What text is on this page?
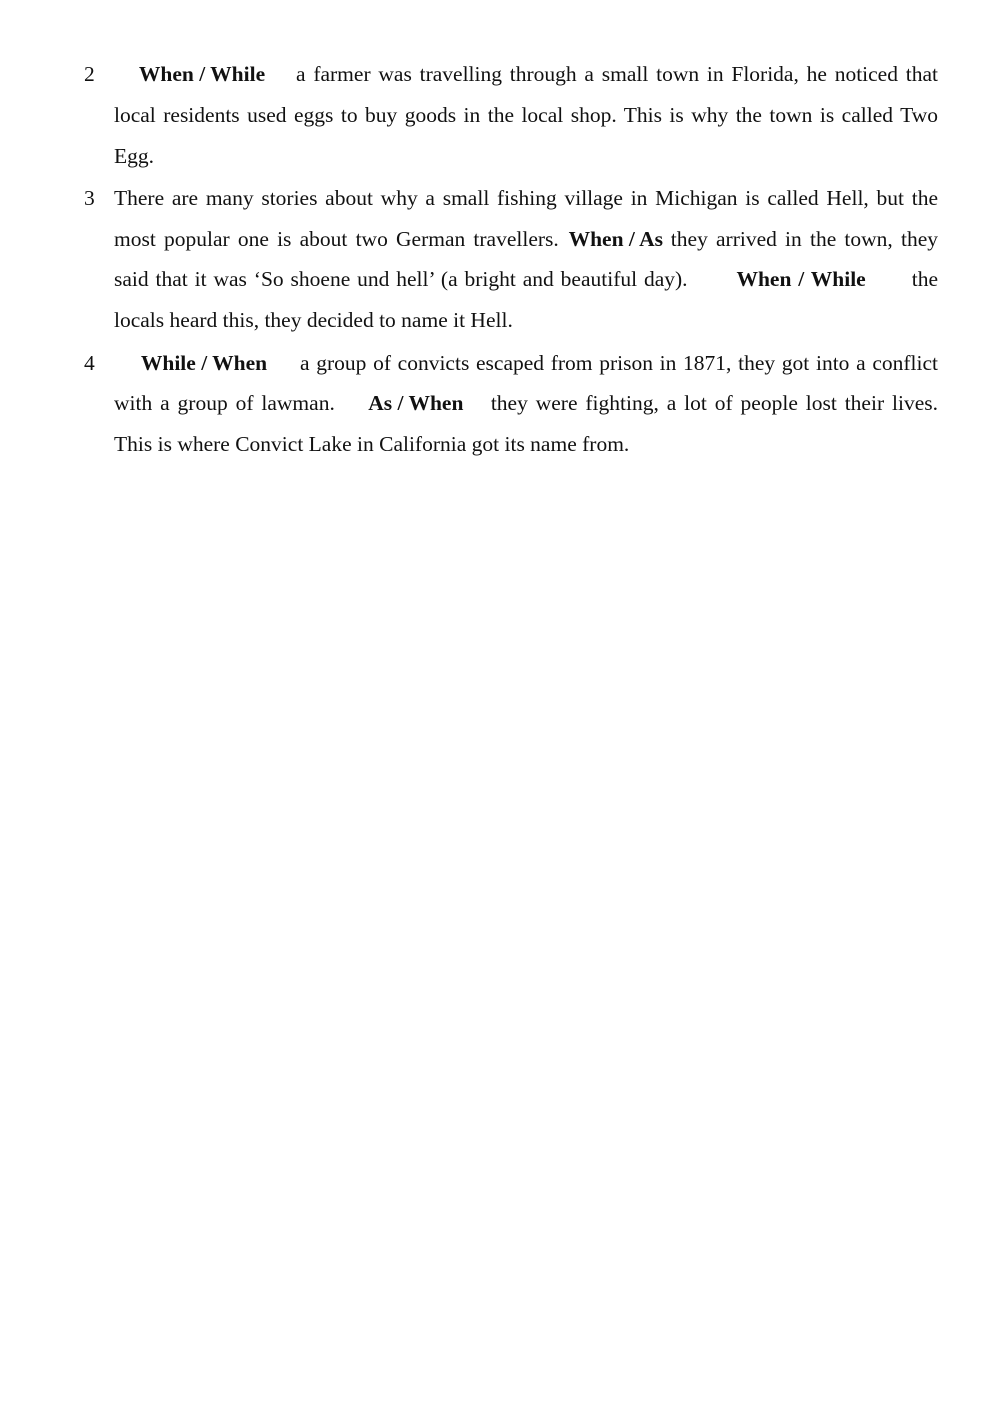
2 When / While a farmer was travelling through a small town in Florida, he noticed that local residents used eggs to buy goods in the local shop. This is why the town is called Two Egg.

3 There are many stories about why a small fishing village in Michigan is called Hell, but the most popular one is about two German travellers. When / As they arrived in the town, they said that it was ‘So shoene und hell’ (a bright and beautiful day). When / While the locals heard this, they decided to name it Hell.

4 While / When a group of convicts escaped from prison in 1871, they got into a conflict with a group of lawman. As / When they were fighting, a lot of people lost their lives. This is where Convict Lake in California got its name from.
